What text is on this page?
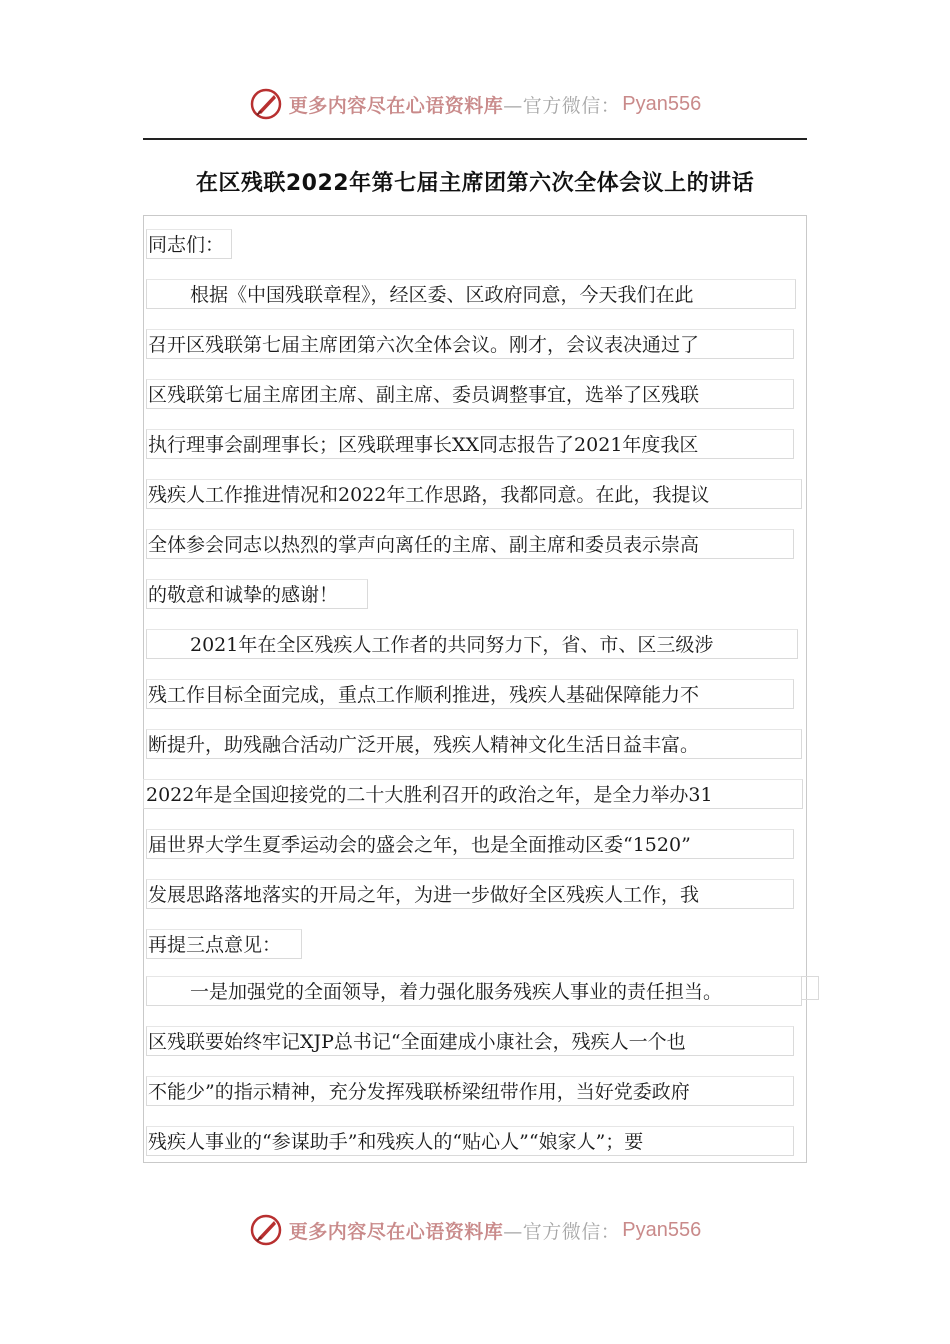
更多内容尽在心语资料库 —官方微信： Pyan556
在区残联2022年第七届主席团第六次全体会议上的讲话
同志们：
根据《中国残联章程》，经区委、区政府同意，今天我们在此
召开区残联第七届主席团第六次全体会议。刚才，会议表决通过了
区残联第七届主席团主席、副主席、委员调整事宜，选举了区残联
执行理事会副理事长；区残联理事长XX同志报告了2021年度我区
残疾人工作推进情况和2022年工作思路，我都同意。在此，我提议
全体参会同志以热烈的掌声向离任的主席、副主席和委员表示崇高
的敬意和诚挚的感谢！
2021年在全区残疾人工作者的共同努力下，省、市、区三级涉
残工作目标全面完成，重点工作顺利推进，残疾人基础保障能力不
断提升，助残融合活动广泛开展，残疾人精神文化生活日益丰富。
2022年是全国迎接党的二十大胜利召开的政治之年，是全力举办31
届世界大学生夏季运动会的盛会之年，也是全面推动区委“1520”
发展思路落地落实的开局之年，为进一步做好全区残疾人工作，我
再提三点意见：
一是加强党的全面领导，着力强化服务残疾人事业的责任担当。
区残联要始终牢记XJP总书记“全面建成小康社会，残疾人一个也
不能少”的指示精神，充分发挥残联桥梁纽带作用，当好党委政府
残疾人事业的“参谋助手”和残疾人的“贴心人”“娘家人”；要
更多内容尽在心语资料库 —官方微信： Pyan556
